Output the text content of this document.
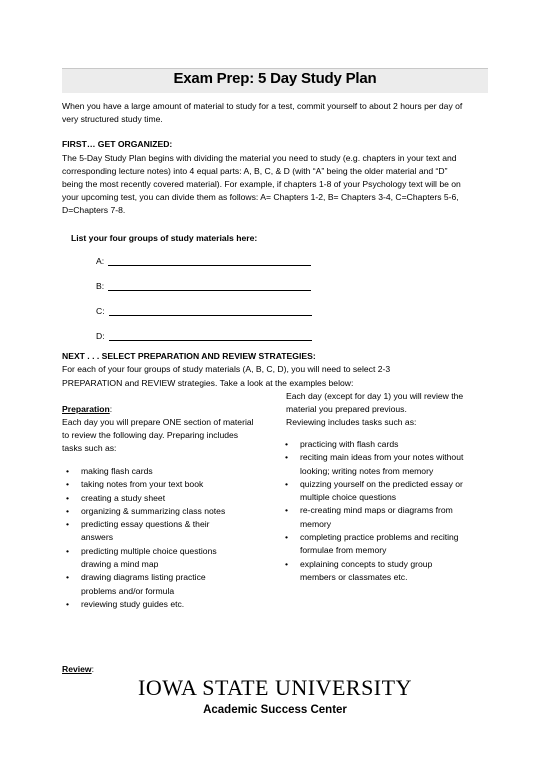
Exam Prep: 5 Day Study Plan
When you have a large amount of material to study for a test, commit yourself to about 2 hours per day of
very structured study time.
FIRST… GET ORGANIZED:
The 5-Day Study Plan begins with dividing the material you need to study (e.g. chapters in your text and
corresponding lecture notes) into 4 equal parts: A, B, C, & D (with “A” being the older material and “D”
being the most recently covered material). For example, if chapters 1-8 of your Psychology text will be on
your upcoming test, you can divide them as follows: A= Chapters 1-2, B= Chapters 3-4, C=Chapters 5-6,
D=Chapters 7-8.
List your four groups of study materials here:
A:
B:
C:
D:
NEXT . . . SELECT PREPARATION AND REVIEW STRATEGIES:
For each of your four groups of study materials (A, B, C, D), you will need to select 2-3
PREPARATION and REVIEW strategies. Take a look at the examples below:
Each day (except for day 1) you will review the
material you prepared previous.
Reviewing includes tasks such as:
Preparation:
Each day you will prepare ONE section of material
to review the following day. Preparing includes
tasks such as:	• practicing with flash cards
• reciting main ideas from your notes without
looking; writing notes from memory
• quizzing yourself on the predicted essay or
multiple choice questions
• re-creating mind maps or diagrams from
memory
• completing practice problems and reciting
formulae from memory
• explaining concepts to study group
members or classmates etc.
• making flash cards
• taking notes from your text book
• creating a study sheet
• organizing & summarizing class notes
• predicting essay questions & their
answers
• predicting multiple choice questions
drawing a mind map
• drawing diagrams listing practice
problems and/or formula
• reviewing study guides etc.
Review:
IOWA STATE UNIVERSITY
Academic Success Center
